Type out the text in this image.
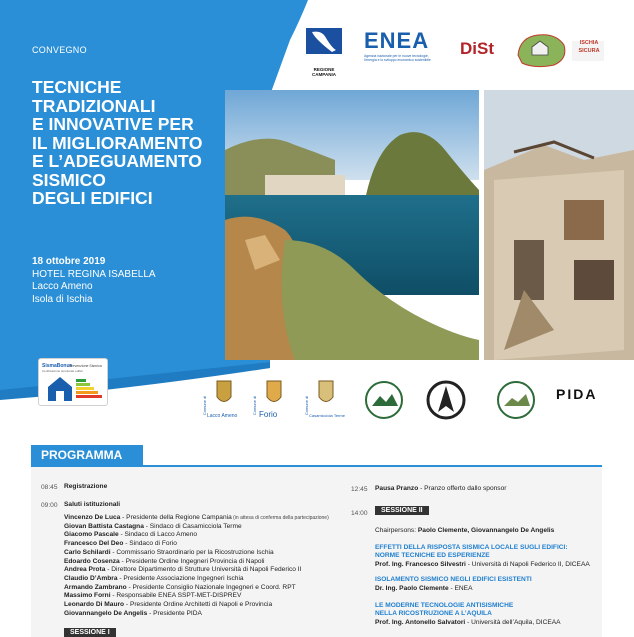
CONVEGNO
TECNICHE
TRADIZIONALI
E INNOVATIVE PER
IL MIGLIORAMENTO
E L’ADEGUAMENTO
SISMICO
DEGLI EDIFICI
18 ottobre 2019
HOTEL REGINA ISABELLA
Lacco Ameno
Isola di Ischia
REGIONE CAMPANIA
ENEA
Agenzia nazionale per le nuove tecnologie, l'energia e lo sviluppo economico sostenibile
DiSt	ISCHIA SICURA
SismaBonus
Prevenzione Sismica
Certificazione strutturale edifici
Comune di
Lacco Ameno
Comune di Forio	Comune di
Casamicciola Terme
PIDA
PROGRAMMA
08:45 Registrazione
09:00 Saluti istituzionali
Vincenzo De Luca - Presidente della Regione Campania (in attesa di conferma della partecipazione)
Giovan Battista Castagna - Sindaco di Casamicciola Terme
Giacomo Pascale - Sindaco di Lacco Ameno
Francesco Del Deo - Sindaco di Forio
Carlo Schilardi - Commissario Straordinario per la Ricostruzione Ischia
Edoardo Cosenza - Presidente Ordine Ingegneri Provincia di Napoli
Andrea Prota - Direttore Dipartimento di Strutture Università di Napoli Federico II
Claudio D’Ambra - Presidente Associazione Ingegneri Ischia
Armando Zambrano - Presidente Consiglio Nazionale Ingegneri e Coord. RPT
Massimo Forni - Responsabile ENEA SSPT-MET-DISPREV
Leonardo Di Mauro - Presidente Ordine Architetti di Napoli e Provincia
Giovannangelo De Angelis - Presidente PIDA
SESSIONE I
12:45 Pausa Pranzo - Pranzo offerto dallo sponsor
14:00	SESSIONE II
Chairpersons: Paolo Clemente, Giovannangelo De Angelis
EFFETTI DELLA RISPOSTA SISMICA LOCALE SUGLI EDIFICI:
NORME TECNICHE ED ESPERIENZE
Prof. Ing. Francesco Silvestri - Università di Napoli Federico II, DICEAA
ISOLAMENTO SISMICO NEGLI EDIFICI ESISTENTI
Dr. Ing. Paolo Clemente - ENEA
LE MODERNE TECNOLOGIE ANTISISMICHE
NELLA RICOSTRUZIONE A L’AQUILA
Prof. Ing. Antonello Salvatori - Università dell’Aquila, DICEAA
